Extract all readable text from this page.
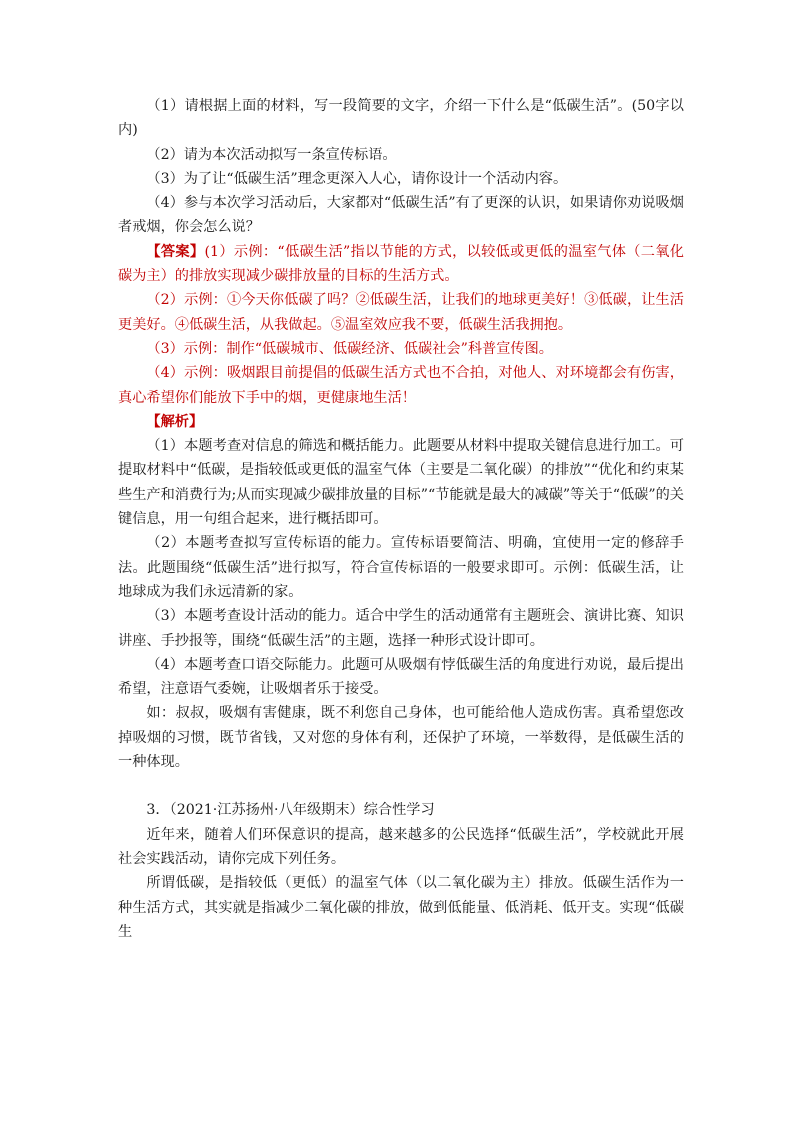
（1）请根据上面的材料，写一段简要的文字，介绍一下什么是“低碳生活”。(50字以内)

（2）请为本次活动拟写一条宣传标语。

（3）为了让“低碳生活”理念更深入人心，请你设计一个活动内容。

（4）参与本次学习活动后，大家都对“低碳生活”有了更深的认识，如果请你劝说吸烟者戒烟，你会怎么说？

【答案】(1）示例：“低碳生活”指以节能的方式，以较低或更低的温室气体（二氧化碳为主）的排放实现减少碳排放量的目标的生活方式。

（2）示例：①今天你低碳了吗？②低碳生活，让我们的地球更美好！③低碳，让生活更美好。④低碳生活，从我做起。⑤温室效应我不要，低碳生活我拥抱。

（3）示例：制作“低碳城市、低碳经济、低碳社会”科普宣传图。

（4）示例：吸烟跟目前提倡的低碳生活方式也不合拍，对他人、对环境都会有伤害，真心希望你们能放下手中的烟，更健康地生活！

【解析】

（1）本题考查对信息的筛选和概括能力。此题要从材料中提取关键信息进行加工。可提取材料中“低碳，是指较低或更低的温室气体（主要是二氧化碳）的排放”“优化和约束某些生产和消费行为;从而实现减少碳排放量的目标”“节能就是最大的减碳”等关于“低碳”的关键信息，用一句组合起来，进行概括即可。

（2）本题考查拟写宣传标语的能力。宣传标语要简洁、明确，宜使用一定的修辞手法。此题围绕“低碳生活”进行拟写，符合宣传标语的一般要求即可。示例：低碳生活，让地球成为我们永远清新的家。

（3）本题考查设计活动的能力。适合中学生的活动通常有主题班会、演讲比赛、知识讲座、手抄报等，围绕“低碳生活”的主题，选择一种形式设计即可。

（4）本题考查口语交际能力。此题可从吸烟有悖低碳生活的角度进行劝说，最后提出希望，注意语气委婉，让吸烟者乐于接受。

如：叔叔，吸烟有害健康，既不利您自己身体，也可能给他人造成伤害。真希望您改掉吸烟的习惯，既节省钱，又对您的身体有利，还保护了环境，一举数得，是低碳生活的一种体现。

3．（2021·江苏扬州·八年级期末）综合性学习

近年来，随着人们环保意识的提高，越来越多的公民选择“低碳生活”，学校就此开展社会实践活动，请你完成下列任务。

所谓低碳，是指较低（更低）的温室气体（以二氧化碳为主）排放。低碳生活作为一种生活方式，其实就是指减少二氧化碳的排放，做到低能量、低消耗、低开支。实现“低碳生
